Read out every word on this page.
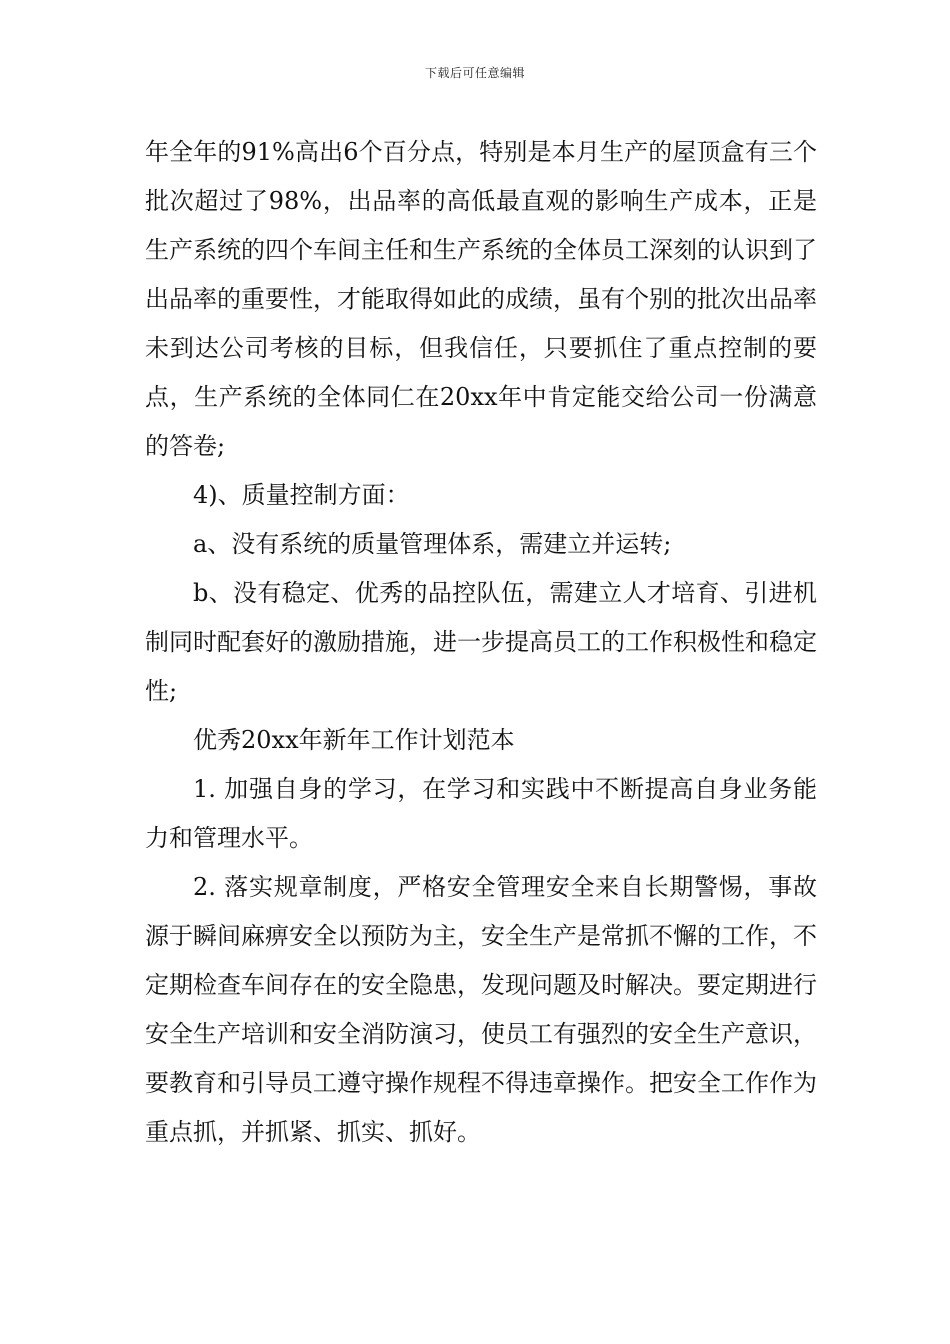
下载后可任意编辑

年全年的91%高出6个百分点，特别是本月生产的屋顶盒有三个批次超过了98%，出品率的高低最直观的影响生产成本，正是生产系统的四个车间主任和生产系统的全体员工深刻的认识到了出品率的重要性，才能取得如此的成绩，虽有个别的批次出品率未到达公司考核的目标，但我信任，只要抓住了重点控制的要点，生产系统的全体同仁在20xx年中肯定能交给公司一份满意的答卷;

4)、质量控制方面：

a、没有系统的质量管理体系，需建立并运转;

b、没有稳定、优秀的品控队伍，需建立人才培育、引进机制同时配套好的激励措施，进一步提高员工的工作积极性和稳定性;

优秀20xx年新年工作计划范本

1. 加强自身的学习，在学习和实践中不断提高自身业务能力和管理水平。

2. 落实规章制度，严格安全管理安全来自长期警惕，事故源于瞬间麻痹安全以预防为主，安全生产是常抓不懈的工作，不定期检查车间存在的安全隐患，发现问题及时解决。要定期进行安全生产培训和安全消防演习，使员工有强烈的安全生产意识，要教育和引导员工遵守操作规程不得违章操作。把安全工作作为重点抓，并抓紧、抓实、抓好。
